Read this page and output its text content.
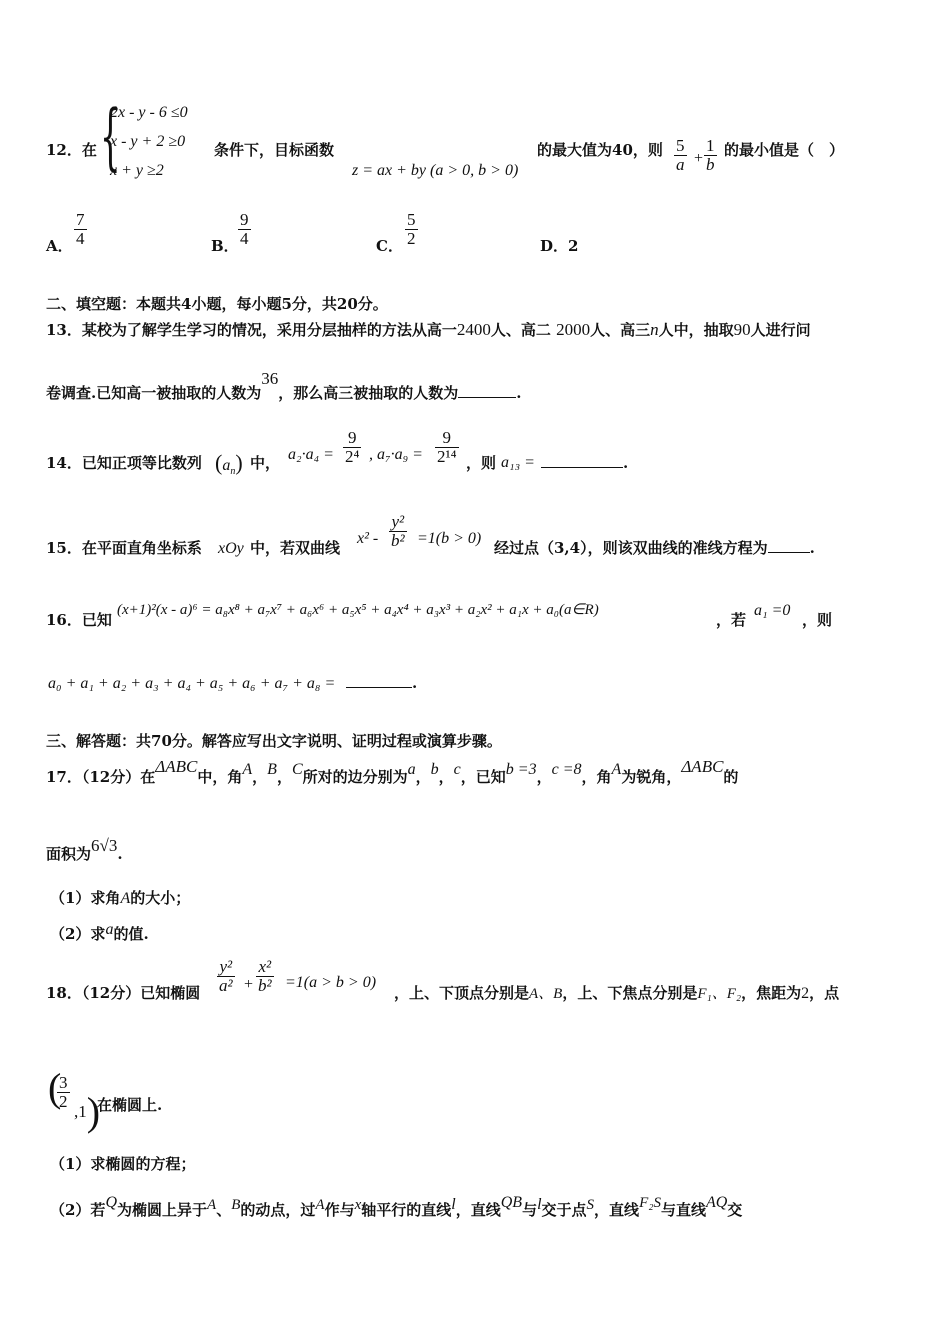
12．在 {
2x - y - 6 ≤0
x - y + 2 ≥0
x + y ≥2
条件下，目标函数
z = ax + by (a > 0, b > 0)
的最大值为40，则 $\frac{5}{a} + \frac{1}{b}$ 的最小值是（　）
A． $\frac{7}{4}$	B． $\frac{9}{4}$	C． $\frac{5}{2}$	D．2
二、填空题：本题共4小题，每小题5分，共20分。
13．某校为了解学生学习的情况，采用分层抽样的方法从高一2400人、高二 2000人、高三n人中，抽取90人进行问
卷调查.已知高一被抽取的人数为36，那么高三被抽取的人数为	.
14．已知正项等比数列 $(a_n)$ 中， $a_2\cdot a_4 = \frac{9}{\text{2⁴}}$ , $a_7\cdot a_9 = \frac{9}{\text{2¹⁴}}$ ，则 a₁₃ =	.
15．在平面直角坐标系 xOy 中，若双曲线
$x^2 - \frac{\text{y²}}{\text{b²}} =1(b > 0)$
经过点（3,4），则该双曲线的准线方程为	.
16．已知
(x+1)²(x - a)⁶ = a₈x⁸ + a₇x⁷ + a₆x⁶ + a₅x⁵ + a₄x⁴ + a₃x³ + a₂x² + a₁x + a₀(a∈R)
，若
a₁ =0
，则
a₀ + a₁ + a₂ + a₃ + a₄ + a₅ + a₆ + a₇ + a₈ =	.
三、解答题：共70分。解答应写出文字说明、证明过程或演算步骤。
17．（12分）在ΔABC中，角A，B，C所对的边分别为a，b，c，已知b =3，c =8，角A为锐角，ΔABC的
面积为6√3.
（1）求角A的大小；
（2）求a的值.
18．（12分）已知椭圆 $\frac{\text{y²}}{\text{a²}} + \frac{\text{x²}}{\text{b²}} =1(a > b > 0)$
，上、下顶点分别是A、B，上、下焦点分别是F₁、F₂，焦距为2，点
(
$\frac{3}{2}$
,1)
在椭圆上.
（1）求椭圆的方程；
（2）若Q为椭圆上异于A、B的动点，过A作与x轴平行的直线l，直线QB与l交于点S，直线F₂S与直线AQ交
